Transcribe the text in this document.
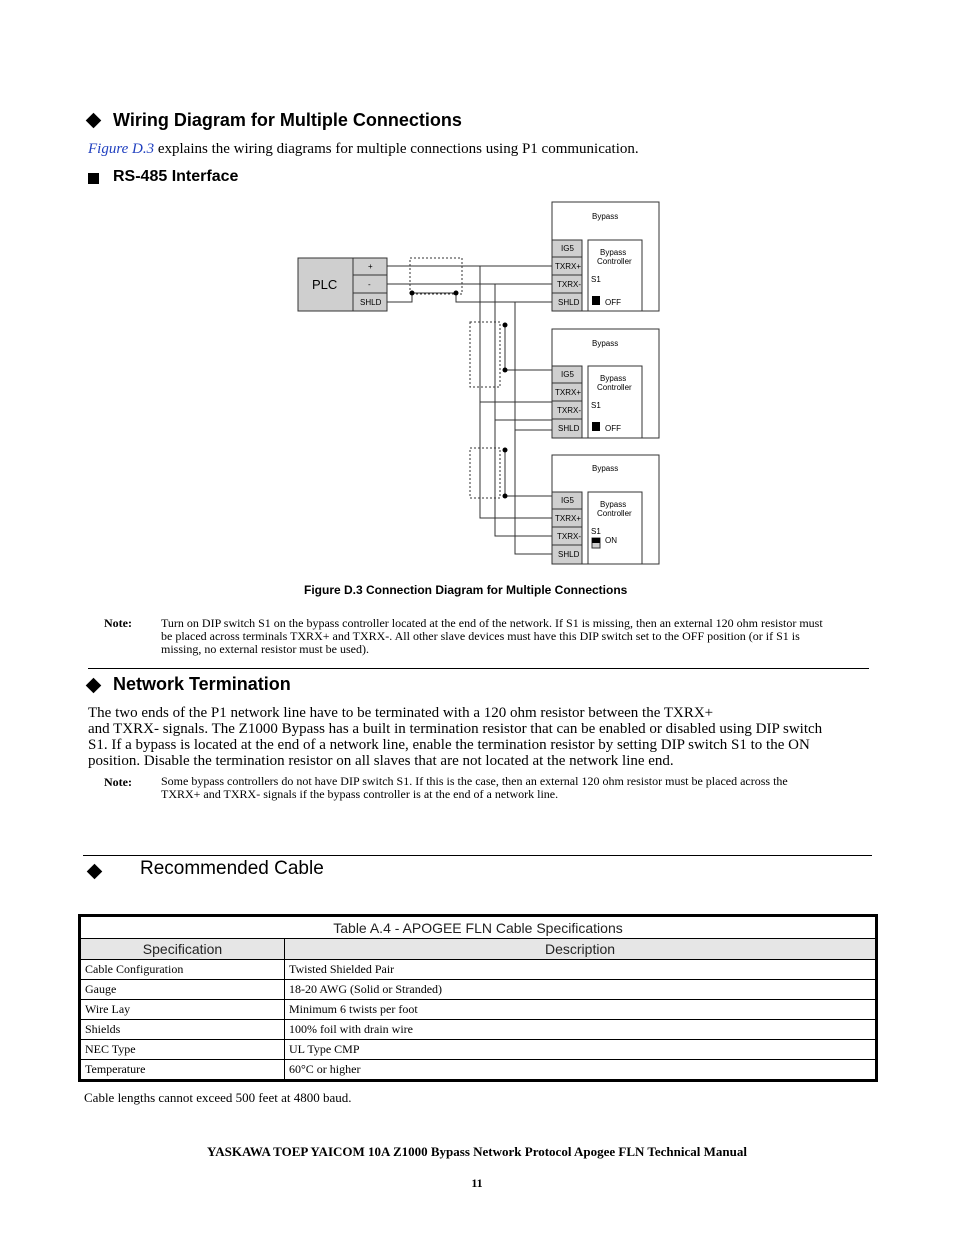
Wiring Diagram for Multiple Connections
Figure D.3 explains the wiring diagrams for multiple connections using P1 communication.
RS-485 Interface
PLC
+
-
SHLD
Bypass
Bypass
Controller
IG5
TXRX+
TXRX-
SHLD
S1
OFF
Bypass
Bypass
Controller
IG5
TXRX+
TXRX-
SHLD
S1
OFF
Bypass
Bypass
Controller
IG5
TXRX+
TXRX-
SHLD
S1
ON
Figure D.3 Connection Diagram for Multiple Connections
Note: Turn on DIP switch S1 on the bypass controller located at the end of the network. If S1 is missing, then an external 120 ohm resistor must
be placed across terminals TXRX+ and TXRX-. All other slave devices must have this DIP switch set to the OFF position (or if S1 is
missing, no external resistor must be used).
Network Termination
The two ends of the P1 network line have to be terminated with a 120 ohm resistor between the TXRX+
and TXRX- signals. The Z1000 Bypass has a built in termination resistor that can be enabled or disabled using DIP switch
S1. If a bypass is located at the end of a network line, enable the termination resistor by setting DIP switch S1 to the ON
position. Disable the termination resistor on all slaves that are not located at the network line end.
Note: Some bypass controllers do not have DIP switch S1. If this is the case, then an external 120 ohm resistor must be placed across the
TXRX+ and TXRX- signals if the bypass controller is at the end of a network line.
Recommended Cable
Table A.4 - APOGEE FLN Cable Specifications	
Specification	Description
Cable Configuration	Twisted Shielded Pair
Gauge	18-20 AWG (Solid or Stranded)
Wire Lay	Minimum 6 twists per foot
Shields	100% foil with drain wire
NEC Type	UL Type CMP
Temperature	60°C or higher
Cable lengths cannot exceed 500 feet at 4800 baud.
YASKAWA TOEP YAICOM 10A Z1000 Bypass Network Protocol Apogee FLN Technical Manual
11
